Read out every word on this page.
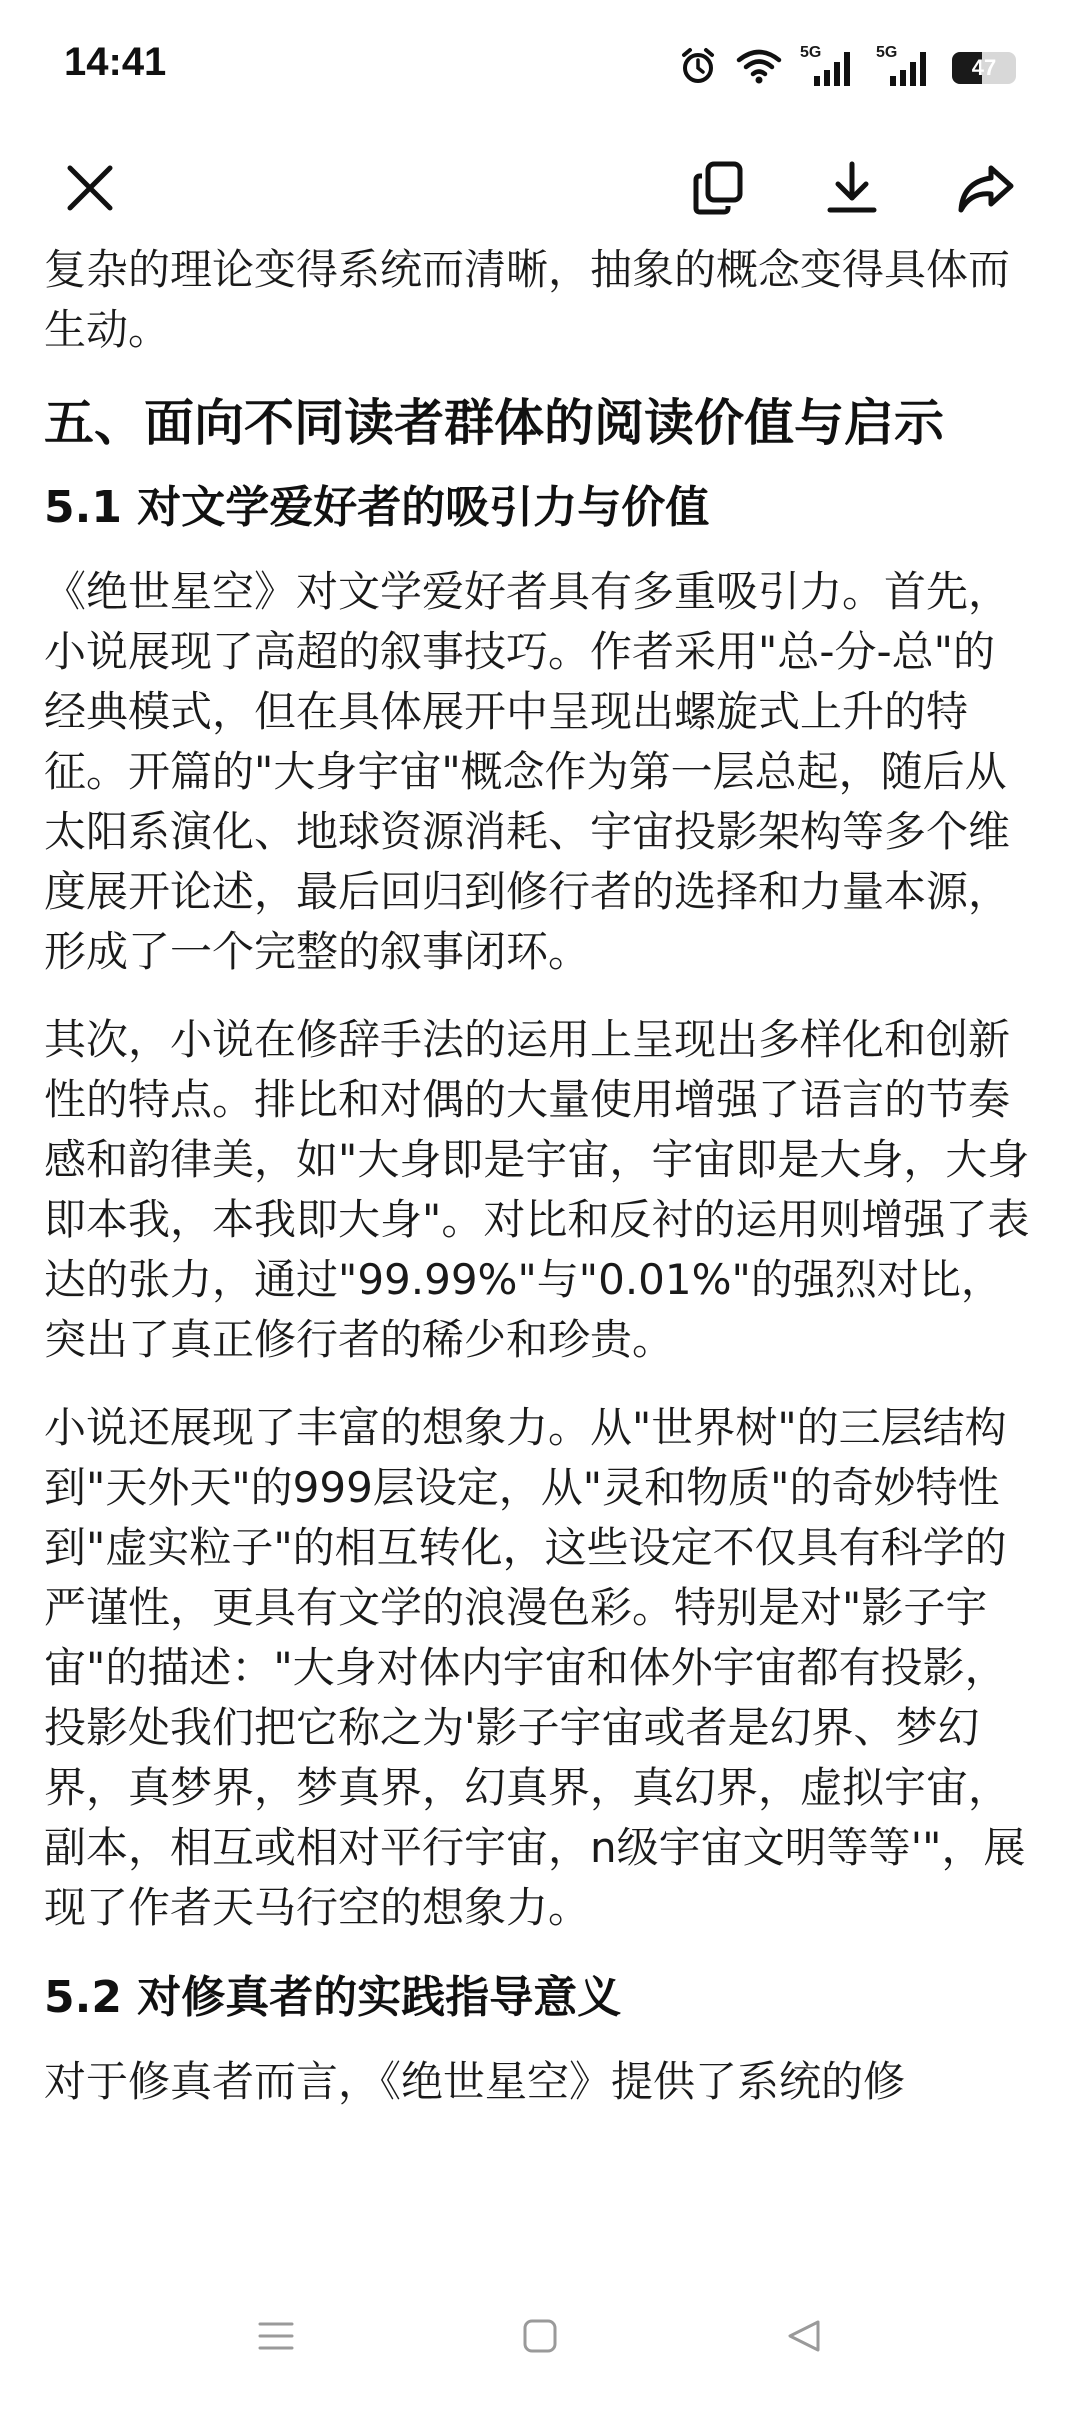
14:41	5G	5G
47

复杂的理论变得系统而清晰，抽象的概念变得具体而生动。

五、面向不同读者群体的阅读价值与启示
5.1 对文学爱好者的吸引力与价值

《绝世星空》对文学爱好者具有多重吸引力。首先，小说展现了高超的叙事技巧。作者采用"总-分-总"的经典模式，但在具体展开中呈现出螺旋式上升的特征。开篇的"大身宇宙"概念作为第一层总起，随后从太阳系演化、地球资源消耗、宇宙投影架构等多个维度展开论述，最后回归到修行者的选择和力量本源，形成了一个完整的叙事闭环。

其次，小说在修辞手法的运用上呈现出多样化和创新性的特点。排比和对偶的大量使用增强了语言的节奏感和韵律美，如"大身即是宇宙，宇宙即是大身，大身即本我，本我即大身"。对比和反衬的运用则增强了表达的张力，通过"99.99%"与"0.01%"的强烈对比，突出了真正修行者的稀少和珍贵。

小说还展现了丰富的想象力。从"世界树"的三层结构到"天外天"的999层设定，从"灵和物质"的奇妙特性到"虚实粒子"的相互转化，这些设定不仅具有科学的严谨性，更具有文学的浪漫色彩。特别是对"影子宇宙"的描述："大身对体内宇宙和体外宇宙都有投影，投影处我们把它称之为'影子宇宙或者是幻界、梦幻界，真梦界，梦真界，幻真界，真幻界，虚拟宇宙，副本，相互或相对平行宇宙，n级宇宙文明等等'"，展现了作者天马行空的想象力。

5.2 对修真者的实践指导意义

对于修真者而言，《绝世星空》提供了系统的修
